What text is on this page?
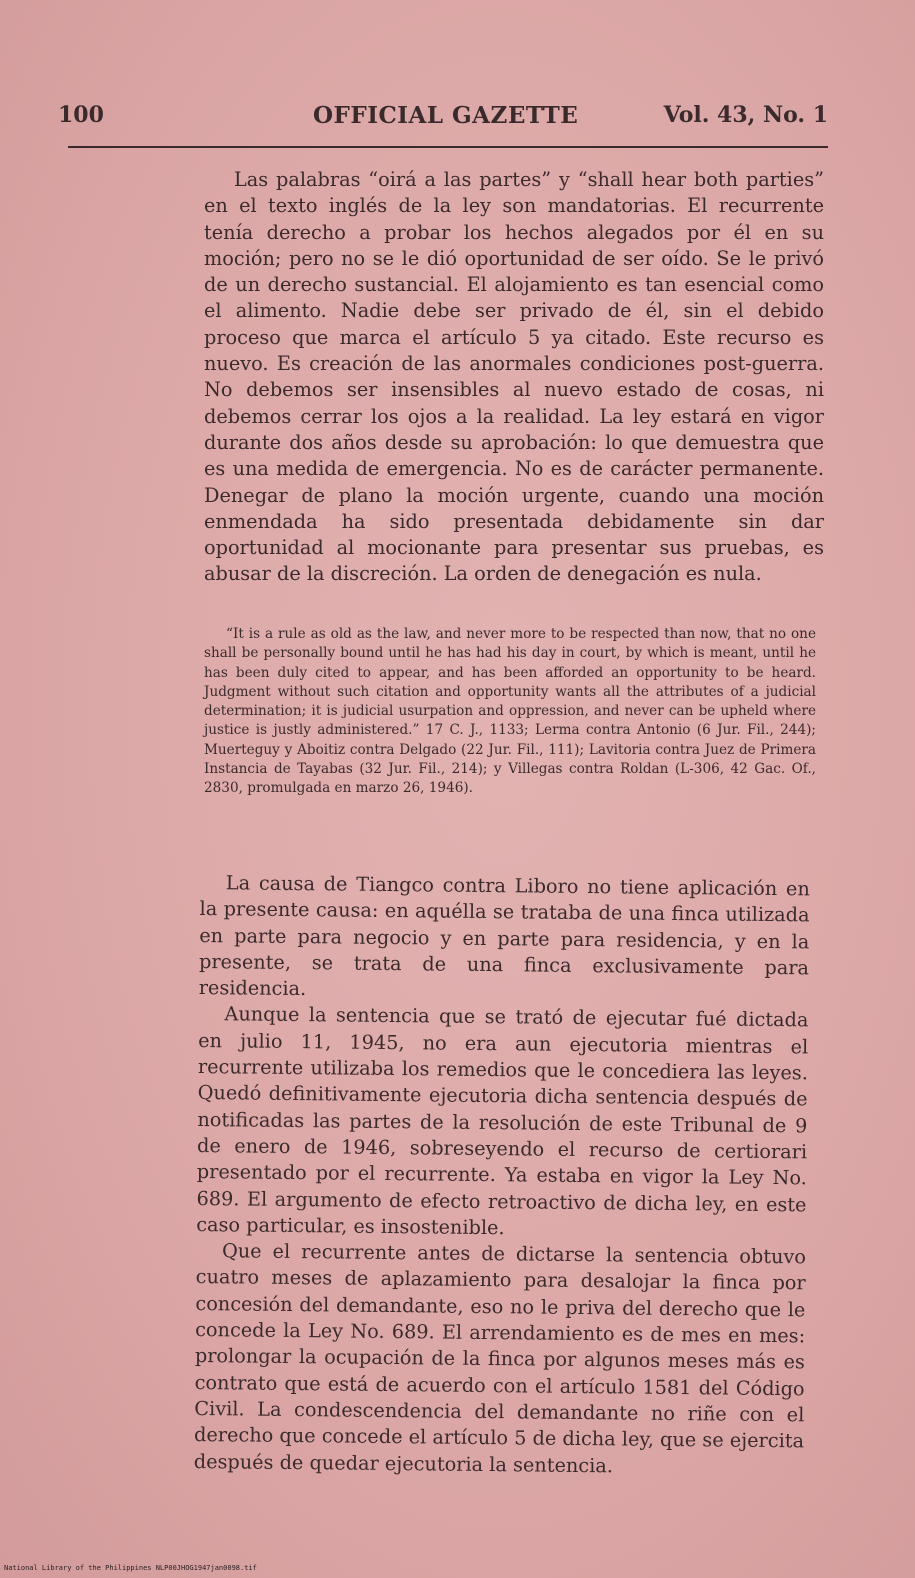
100	OFFICIAL GAZETTE	Vol. 43, No. 1

Las palabras “oirá a las partes” y “shall hear both parties” en el texto inglés de la ley son mandatorias. El recurrente tenía derecho a probar los hechos alegados por él en su moción; pero no se le dió oportunidad de ser oído. Se le privó de un derecho sustancial. El alojamiento es tan esencial como el alimento. Nadie debe ser privado de él, sin el debido proceso que marca el artículo 5 ya citado. Este recurso es nuevo. Es creación de las anormales condiciones post-guerra. No debemos ser insensibles al nuevo estado de cosas, ni debemos cerrar los ojos a la realidad. La ley estará en vigor durante dos años desde su aprobación: lo que demuestra que es una medida de emergencia. No es de carácter permanente. Denegar de plano la moción urgente, cuando una moción enmendada ha sido presentada debidamente sin dar oportunidad al mocionante para presentar sus pruebas, es abusar de la discreción. La orden de denegación es nula.

“It is a rule as old as the law, and never more to be respected than now, that no one shall be personally bound until he has had his day in court, by which is meant, until he has been duly cited to appear, and has been afforded an opportunity to be heard. Judgment without such citation and opportunity wants all the attributes of a judicial determination; it is judicial usurpation and oppression, and never can be upheld where justice is justly administered.” 17 C. J., 1133; Lerma contra Antonio (6 Jur. Fil., 244); Muerteguy y Aboitiz contra Delgado (22 Jur. Fil., 111); Lavitoria contra Juez de Primera Instancia de Tayabas (32 Jur. Fil., 214); y Villegas contra Roldan (L-306, 42 Gac. Of., 2830, promulgada en marzo 26, 1946).

La causa de Tiangco contra Liboro no tiene aplicación en la presente causa: en aquélla se trataba de una finca utilizada en parte para negocio y en parte para residencia, y en la presente, se trata de una finca exclusivamente para residencia.

Aunque la sentencia que se trató de ejecutar fué dictada en julio 11, 1945, no era aun ejecutoria mientras el recurrente utilizaba los remedios que le concediera las leyes. Quedó definitivamente ejecutoria dicha sentencia después de notificadas las partes de la resolución de este Tribunal de 9 de enero de 1946, sobreseyendo el recurso de certiorari presentado por el recurrente. Ya estaba en vigor la Ley No. 689. El argumento de efecto retroactivo de dicha ley, en este caso particular, es insostenible.

Que el recurrente antes de dictarse la sentencia obtuvo cuatro meses de aplazamiento para desalojar la finca por concesión del demandante, eso no le priva del derecho que le concede la Ley No. 689. El arrendamiento es de mes en mes: prolongar la ocupación de la finca por algunos meses más es contrato que está de acuerdo con el artículo 1581 del Código Civil. La condescendencia del demandante no riñe con el derecho que concede el artículo 5 de dicha ley, que se ejercita después de quedar ejecutoria la sentencia.

National Library of the Philippines NLP00JHOG1947jan0098.tif
